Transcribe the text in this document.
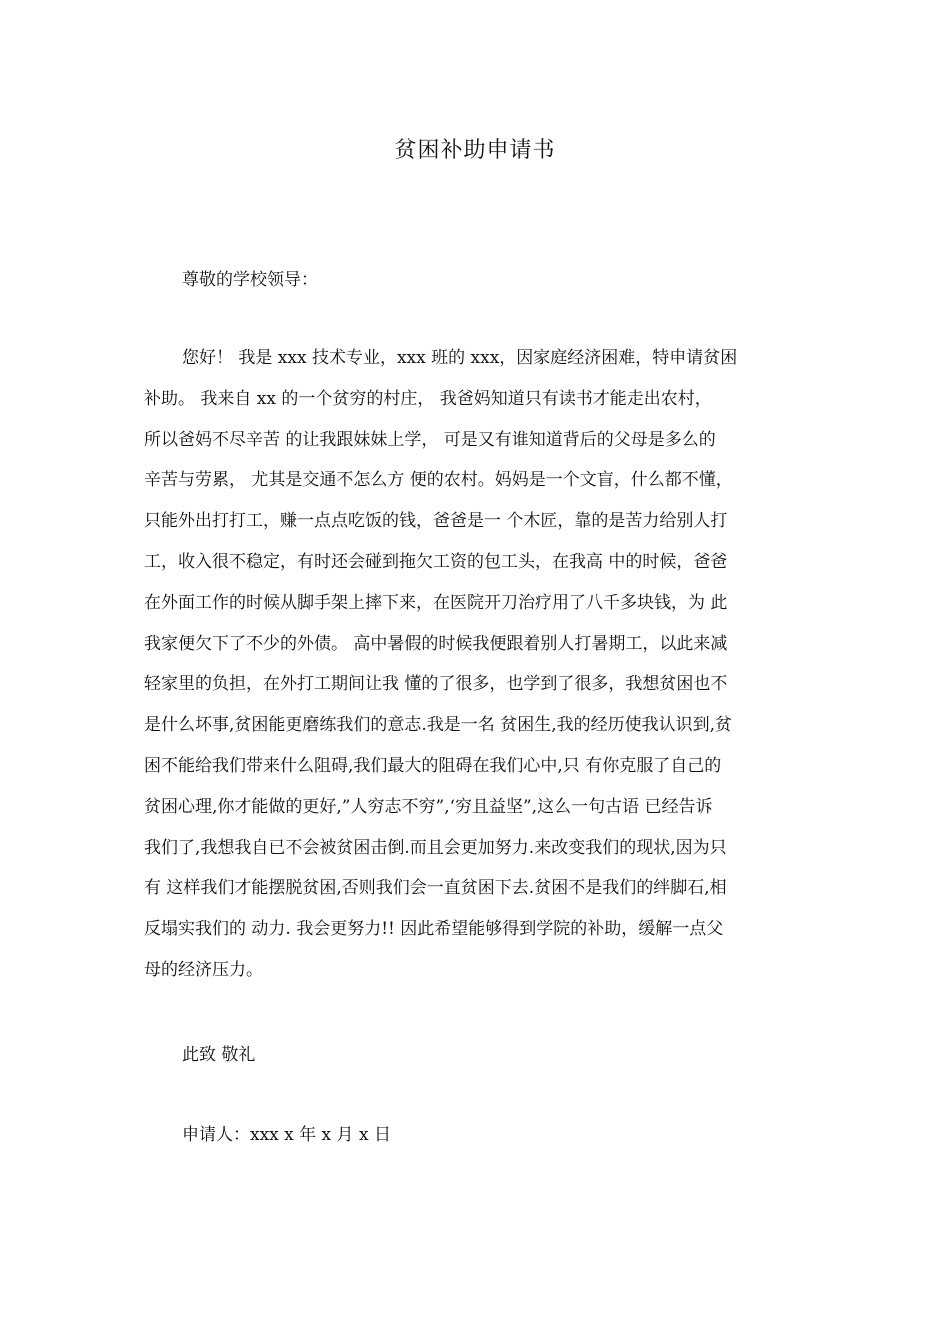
贫困补助申请书
尊敬的学校领导：
您好！ 我是 xxx 技术专业，xxx 班的 xxx，因家庭经济困难，特申请贫困
补助。 我来自 xx 的一个贫穷的村庄， 我爸妈知道只有读书才能走出农村，
所以爸妈不尽辛苦 的让我跟妹妹上学， 可是又有谁知道背后的父母是多么的
辛苦与劳累， 尤其是交通不怎么方 便的农村。妈妈是一个文盲，什么都不懂，
只能外出打打工，赚一点点吃饭的钱，爸爸是一 个木匠，靠的是苦力给别人打
工，收入很不稳定，有时还会碰到拖欠工资的包工头，在我高 中的时候，爸爸
在外面工作的时候从脚手架上摔下来，在医院开刀治疗用了八千多块钱，为 此
我家便欠下了不少的外债。 高中暑假的时候我便跟着别人打暑期工，以此来减
轻家里的负担，在外打工期间让我 懂的了很多，也学到了很多，我想贫困也不
是什么坏事,贫困能更磨练我们的意志.我是一名 贫困生,我的经历使我认识到,贫
困不能给我们带来什么阻碍,我们最大的阻碍在我们心中,只 有你克服了自己的
贫困心理,你才能做的更好,”人穷志不穷”,‘穷且益坚”,这么一句古语 已经告诉
我们了,我想我自已不会被贫困击倒.而且会更加努力.来改变我们的现状,因为只
有 这样我们才能摆脱贫困,否则我们会一直贫困下去.贫困不是我们的绊脚石,相
反塌实我们的 动力. 我会更努力!! 因此希望能够得到学院的补助，缓解一点父
母的经济压力。
此致 敬礼
申请人：xxx x 年 x 月 x 日
